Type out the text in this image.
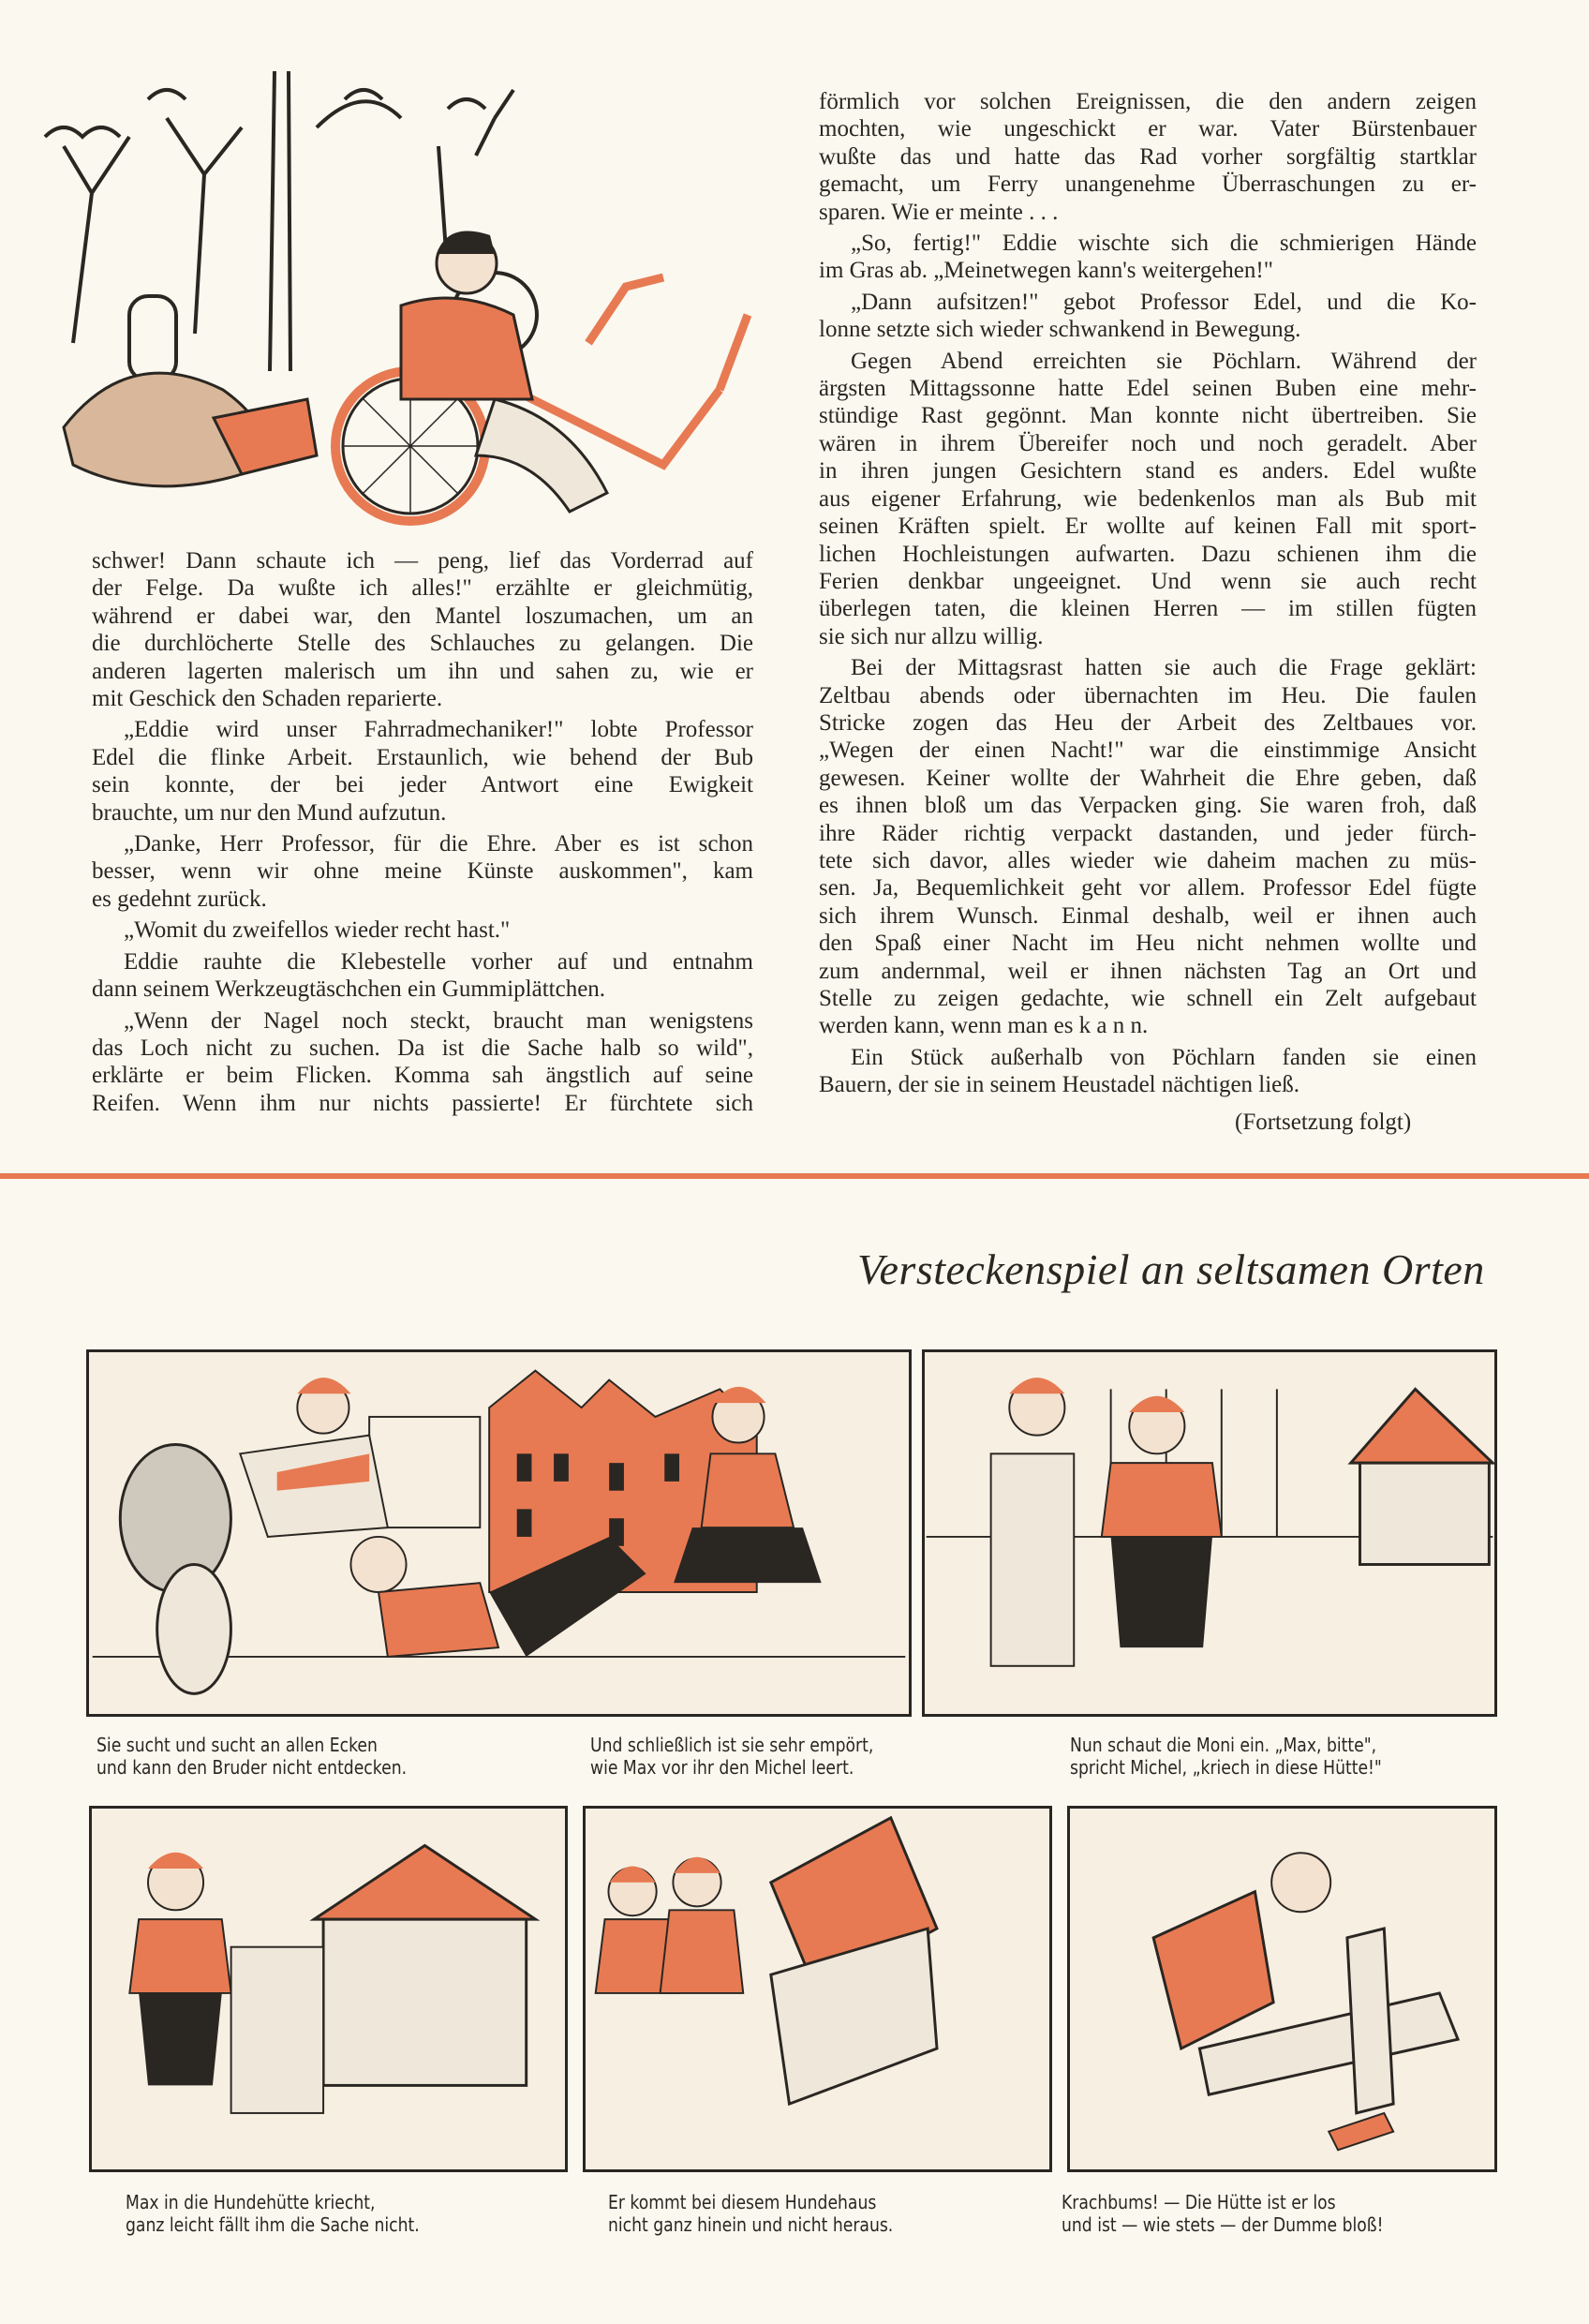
schwer! Dann schaute ich — peng, lief das Vorderrad auf
der Felge. Da wußte ich alles!" erzählte er gleichmütig,
während er dabei war, den Mantel loszumachen, um an
die durchlöcherte Stelle des Schlauches zu gelangen. Die
anderen lagerten malerisch um ihn und sahen zu, wie er
mit Geschick den Schaden reparierte.
„Eddie wird unser Fahrradmechaniker!" lobte Professor
Edel die flinke Arbeit. Erstaunlich, wie behend der Bub
sein konnte, der bei jeder Antwort eine Ewigkeit
brauchte, um nur den Mund aufzutun.
„Danke, Herr Professor, für die Ehre. Aber es ist schon
besser, wenn wir ohne meine Künste auskommen", kam
es gedehnt zurück.
„Womit du zweifellos wieder recht hast."
Eddie rauhte die Klebestelle vorher auf und entnahm
dann seinem Werkzeugtäschchen ein Gummiplättchen.
„Wenn der Nagel noch steckt, braucht man wenigstens
das Loch nicht zu suchen. Da ist die Sache halb so wild",
erklärte er beim Flicken. Komma sah ängstlich auf seine
Reifen. Wenn ihm nur nichts passierte! Er fürchtete sich
förmlich vor solchen Ereignissen, die den andern zeigen
mochten, wie ungeschickt er war. Vater Bürstenbauer
wußte das und hatte das Rad vorher sorgfältig startklar
gemacht, um Ferry unangenehme Überraschungen zu er-
sparen. Wie er meinte . . .
„So, fertig!" Eddie wischte sich die schmierigen Hände
im Gras ab. „Meinetwegen kann's weitergehen!"
„Dann aufsitzen!" gebot Professor Edel, und die Ko-
lonne setzte sich wieder schwankend in Bewegung.
Gegen Abend erreichten sie Pöchlarn. Während der
ärgsten Mittagssonne hatte Edel seinen Buben eine mehr-
stündige Rast gegönnt. Man konnte nicht übertreiben. Sie
wären in ihrem Übereifer noch und noch geradelt. Aber
in ihren jungen Gesichtern stand es anders. Edel wußte
aus eigener Erfahrung, wie bedenkenlos man als Bub mit
seinen Kräften spielt. Er wollte auf keinen Fall mit sport-
lichen Hochleistungen aufwarten. Dazu schienen ihm die
Ferien denkbar ungeeignet. Und wenn sie auch recht
überlegen taten, die kleinen Herren — im stillen fügten
sie sich nur allzu willig.
Bei der Mittagsrast hatten sie auch die Frage geklärt:
Zeltbau abends oder übernachten im Heu. Die faulen
Stricke zogen das Heu der Arbeit des Zeltbaues vor.
„Wegen der einen Nacht!" war die einstimmige Ansicht
gewesen. Keiner wollte der Wahrheit die Ehre geben, daß
es ihnen bloß um das Verpacken ging. Sie waren froh, daß
ihre Räder richtig verpackt dastanden, und jeder fürch-
tete sich davor, alles wieder wie daheim machen zu müs-
sen. Ja, Bequemlichkeit geht vor allem. Professor Edel fügte
sich ihrem Wunsch. Einmal deshalb, weil er ihnen auch
den Spaß einer Nacht im Heu nicht nehmen wollte und
zum andernmal, weil er ihnen nächsten Tag an Ort und
Stelle zu zeigen gedachte, wie schnell ein Zelt aufgebaut
werden kann, wenn man es k a n n.
Ein Stück außerhalb von Pöchlarn fanden sie einen
Bauern, der sie in seinem Heustadel nächtigen ließ.
(Fortsetzung folgt)
Versteckenspiel an seltsamen Orten
Sie sucht und sucht an allen Ecken
und kann den Bruder nicht entdecken.
Und schließlich ist sie sehr empört,
wie Max vor ihr den Michel leert.
Nun schaut die Moni ein. „Max, bitte",
spricht Michel, „kriech in diese Hütte!"
Max in die Hundehütte kriecht,
ganz leicht fällt ihm die Sache nicht.
Er kommt bei diesem Hundehaus
nicht ganz hinein und nicht heraus.
Krachbums! — Die Hütte ist er los
und ist — wie stets — der Dumme bloß!
